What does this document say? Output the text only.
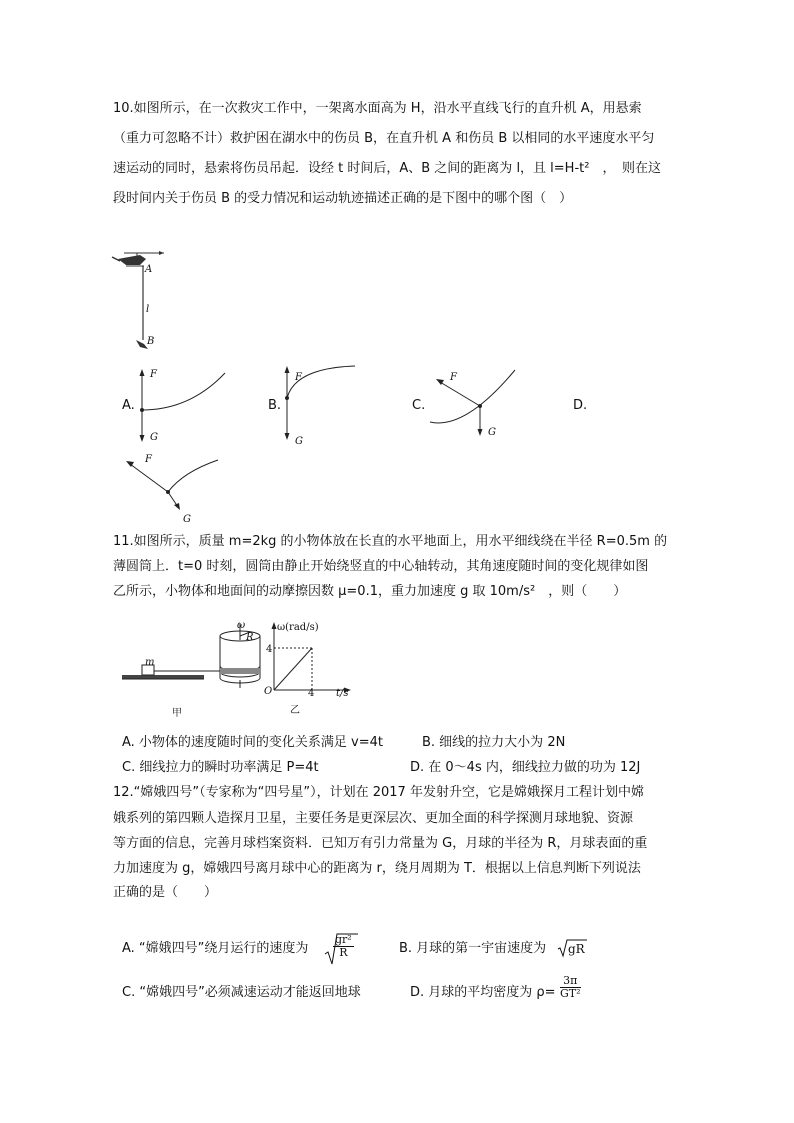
10.如图所示，在一次救灾工作中，一架离水面高为 H，沿水平直线飞行的直升机 A，用悬索
（重力可忽略不计）救护困在湖水中的伤员 B，在直升机 A 和伤员 B 以相同的水平速度水平匀
速运动的同时，悬索将伤员吊起．设经 t 时间后，A、B 之间的距离为 l，且 l=H-t²　，　则在这
段时间内关于伤员 B 的受力情况和运动轨迹描述正确的是下图中的哪个图（　）
A
l
B
A.
F
G
B.
F
G
C.
F
G
D.
F
G
11.如图所示，质量 m=2kg 的小物体放在长直的水平地面上，用水平细线绕在半径 R=0.5m 的
薄圆筒上．t=0 时刻，圆筒由静止开始绕竖直的中心轴转动，其角速度随时间的变化规律如图
乙所示，小物体和地面间的动摩擦因数 μ=0.1，重力加速度 g 取 10m/s²　，则（　　）
m
ω
R
甲
ω(rad/s)
t/s
O
4
4
乙
A. 小物体的速度随时间的变化关系满足 v=4t	B. 细线的拉力大小为 2N
C. 细线拉力的瞬时功率满足 P=4t	D. 在 0～4s 内，细线拉力做的功为 12J
12.“嫦娥四号”（专家称为“四号星”），计划在 2017 年发射升空，它是嫦娥探月工程计划中嫦
娥系列的第四颗人造探月卫星，主要任务是更深层次、更加全面的科学探测月球地貌、资源
等方面的信息，完善月球档案资料．已知万有引力常量为 G，月球的半径为 R，月球表面的重
力加速度为 g，嫦娥四号离月球中心的距离为 r，绕月周期为 T．根据以上信息判断下列说法
正确的是（　　）
A. “嫦娥四号”绕月运行的速度为 $\frac{\text{gr²}}{R}$	B. 月球的第一宇宙速度为 gR
C. “嫦娥四号”必须减速运动才能返回地球	D. 月球的平均密度为 $\rho= \frac{3\pi}{\text{GT²}}$
